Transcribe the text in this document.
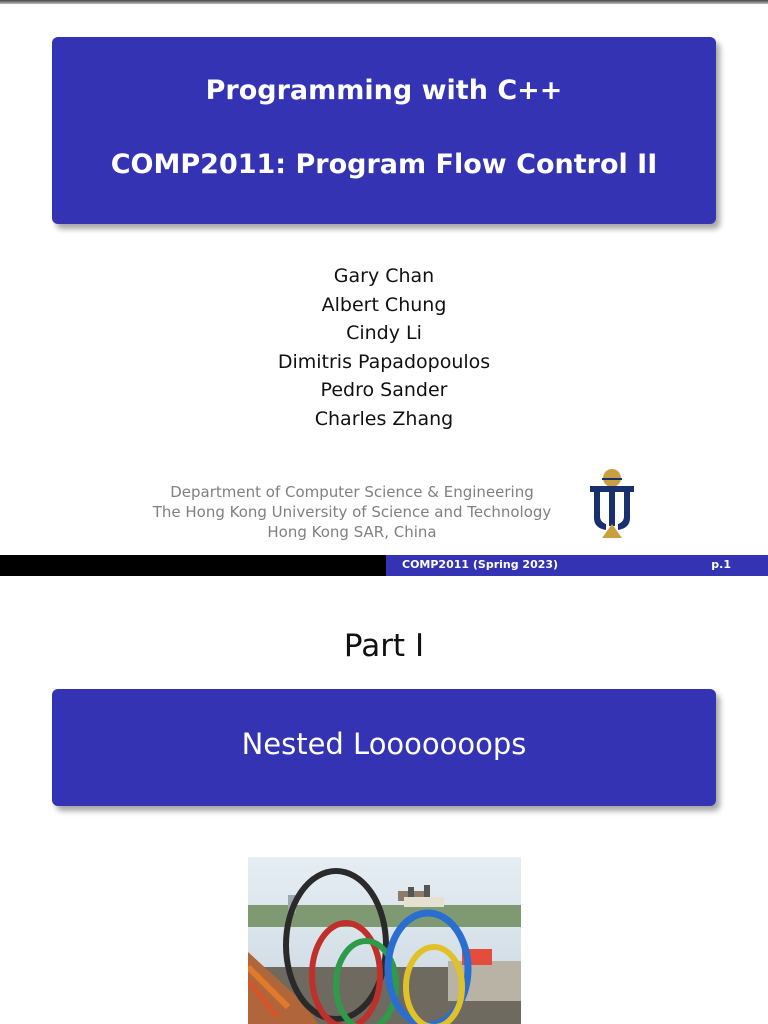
Programming with C++
COMP2011: Program Flow Control II
Gary Chan
Albert Chung
Cindy Li
Dimitris Papadopoulos
Pedro Sander
Charles Zhang
Department of Computer Science & Engineering
The Hong Kong University of Science and Technology
Hong Kong SAR, China
COMP2011 (Spring 2023)	p.1
Part I
Nested Looooooops
